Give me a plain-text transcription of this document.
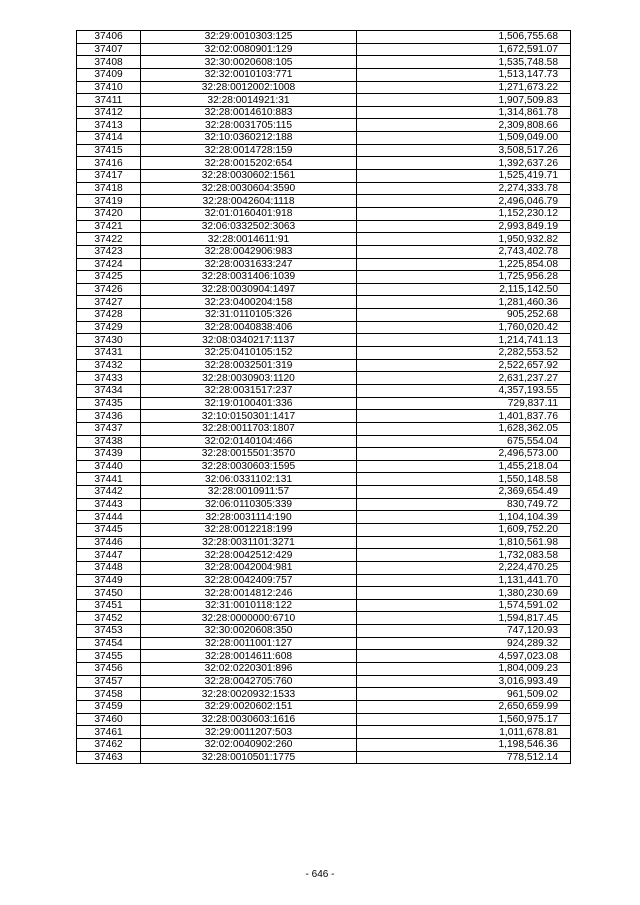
37406	32:29:0010303:125	1,506,755.68
37407	32:02:0080901:129	1,672,591.07
37408	32:30:0020608:105	1,535,748.58
37409	32:32:0010103:771	1,513,147.73
37410	32:28:0012002:1008	1,271,673.22
37411	32:28:0014921:31	1,907,509.83
37412	32:28:0014610:883	1,314,861.78
37413	32:28:0031705:115	2,309,808.66
37414	32:10:0360212:188	1,509,049.00
37415	32:28:0014728:159	3,508,517.26
37416	32:28:0015202:654	1,392,637.26
37417	32:28:0030602:1561	1,525,419.71
37418	32:28:0030604:3590	2,274,333.78
37419	32:28:0042604:1118	2,496,046.79
37420	32:01:0160401:918	1,152,230.12
37421	32:06:0332502:3063	2,993,849.19
37422	32:28:0014611:91	1,950,932.82
37423	32:28:0042906:983	2,743,402.78
37424	32:28:0031633:247	1,225,854.08
37425	32:28:0031406:1039	1,725,956.28
37426	32:28:0030904:1497	2,115,142.50
37427	32:23:0400204:158	1,281,460.36
37428	32:31:0110105:326	905,252.68
37429	32:28:0040838:406	1,760,020.42
37430	32:08:0340217:1137	1,214,741.13
37431	32:25:0410105:152	2,282,553.52
37432	32:28:0032501:319	2,522,657.92
37433	32:28:0030903:1120	2,631,237.27
37434	32:28:0031517:237	4,357,193.55
37435	32:19:0100401:336	729,837.11
37436	32:10:0150301:1417	1,401,837.76
37437	32:28:0011703:1807	1,628,362.05
37438	32:02:0140104:466	675,554.04
37439	32:28:0015501:3570	2,496,573.00
37440	32:28:0030603:1595	1,455,218.04
37441	32:06:0331102:131	1,550,148.58
37442	32:28:0010911:57	2,369,654.49
37443	32:06:0110305:339	830,749.72
37444	32:28:0031114:190	1,104,104.39
37445	32:28:0012218:199	1,609,752.20
37446	32:28:0031101:3271	1,810,561.98
37447	32:28:0042512:429	1,732,083.58
37448	32:28:0042004:981	2,224,470.25
37449	32:28:0042409:757	1,131,441.70
37450	32:28:0014812:246	1,380,230.69
37451	32:31:0010118:122	1,574,591.02
37452	32:28:0000000:6710	1,594,817.45
37453	32:30:0020608:350	747,120.93
37454	32:28:0011001:127	924,289.32
37455	32:28:0014611:608	4,597,023.08
37456	32:02:0220301:896	1,804,009.23
37457	32:28:0042705:760	3,016,993.49
37458	32:28:0020932:1533	961,509.02
37459	32:29:0020602:151	2,650,659.99
37460	32:28:0030603:1616	1,560,975.17
37461	32:29:0011207:503	1,011,678.81
37462	32:02:0040902:260	1,198,546.36
37463	32:28:0010501:1775	778,512.14
- 646 -
